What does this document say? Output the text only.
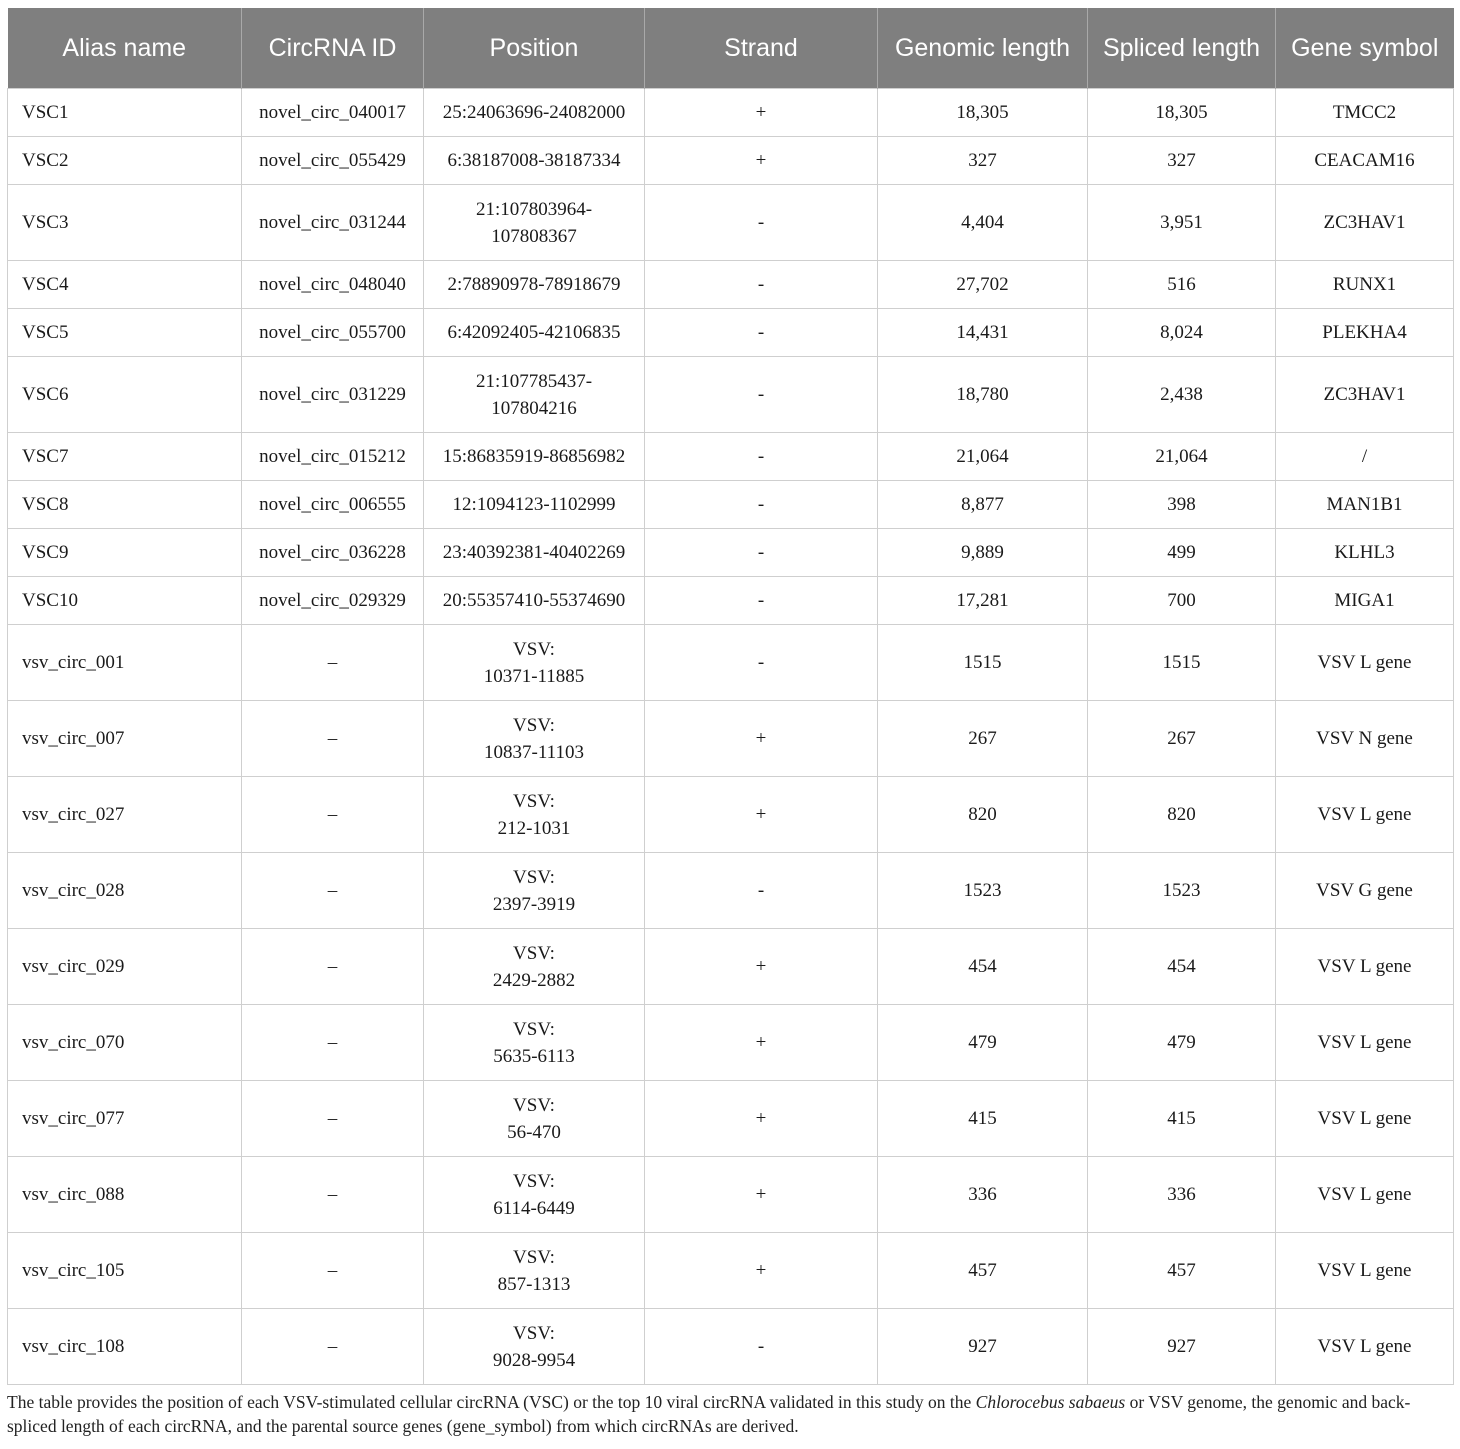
Alias name	CircRNA ID	Position	Strand	Genomic length	Spliced length	Gene symbol
VSC1	novel_circ_040017	25:24063696-24082000	+	18,305	18,305	TMCC2
VSC2	novel_circ_055429	6:38187008-38187334	+	327	327	CEACAM16
VSC3	novel_circ_031244	21:107803964-
107808367	-	4,404	3,951	ZC3HAV1
VSC4	novel_circ_048040	2:78890978-78918679	-	27,702	516	RUNX1
VSC5	novel_circ_055700	6:42092405-42106835	-	14,431	8,024	PLEKHA4
VSC6	novel_circ_031229	21:107785437-
107804216	-	18,780	2,438	ZC3HAV1
VSC7	novel_circ_015212	15:86835919-86856982	-	21,064	21,064	/
VSC8	novel_circ_006555	12:1094123-1102999	-	8,877	398	MAN1B1
VSC9	novel_circ_036228	23:40392381-40402269	-	9,889	499	KLHL3
VSC10	novel_circ_029329	20:55357410-55374690	-	17,281	700	MIGA1
vsv_circ_001	–	VSV:
10371-11885	-	1515	1515	VSV L gene
vsv_circ_007	–	VSV:
10837-11103	+	267	267	VSV N gene
vsv_circ_027	–	VSV:
212-1031	+	820	820	VSV L gene
vsv_circ_028	–	VSV:
2397-3919	-	1523	1523	VSV G gene
vsv_circ_029	–	VSV:
2429-2882	+	454	454	VSV L gene
vsv_circ_070	–	VSV:
5635-6113	+	479	479	VSV L gene
vsv_circ_077	–	VSV:
56-470	+	415	415	VSV L gene
vsv_circ_088	–	VSV:
6114-6449	+	336	336	VSV L gene
vsv_circ_105	–	VSV:
857-1313	+	457	457	VSV L gene
vsv_circ_108	–	VSV:
9028-9954	-	927	927	VSV L gene
The table provides the position of each VSV-stimulated cellular circRNA (VSC) or the top 10 viral circRNA validated in this study on the Chlorocebus sabaeus or VSV genome, the genomic and back-spliced length of each circRNA, and the parental source genes (gene_symbol) from which circRNAs are derived.
